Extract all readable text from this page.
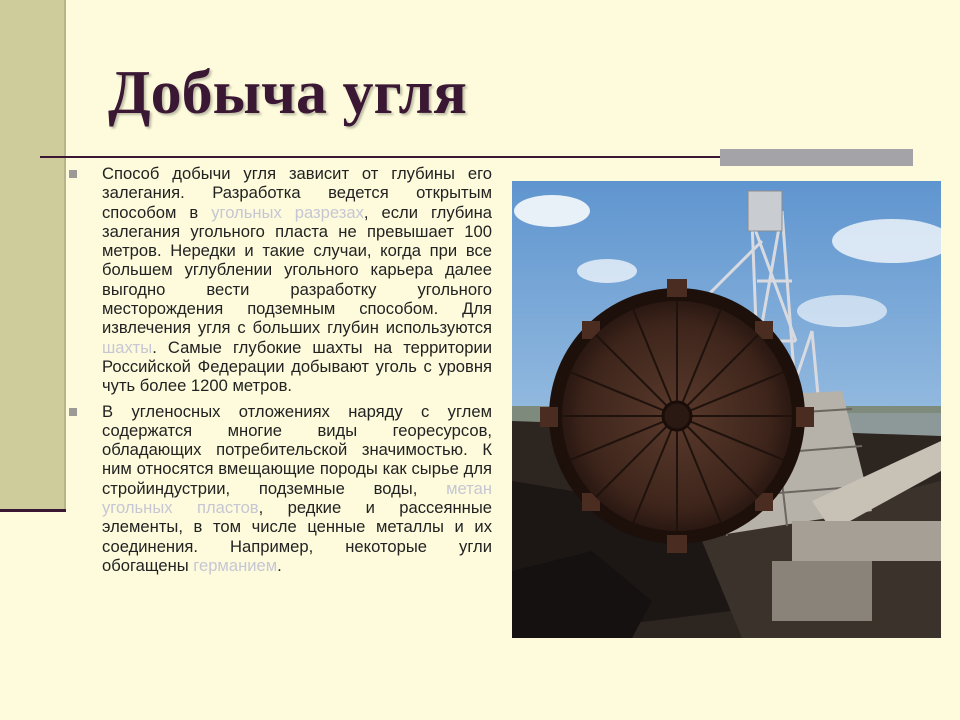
Добыча угля
Способ добычи угля зависит от глубины его залегания. Разработка ведется открытым способом в угольных разрезах, если глубина залегания угольного пласта не превышает 100 метров. Нередки и такие случаи, когда при все большем углублении угольного карьера далее выгодно вести разработку угольного месторождения подземным способом. Для извлечения угля с больших глубин используются шахты. Самые глубокие шахты на территории Российской Федерации добывают уголь с уровня чуть более 1200 метров.
В угленосных отложениях наряду с углем содержатся многие виды георесурсов, обладающих потребительской значимостью. К ним относятся вмещающие породы как сырье для стройиндустрии, подземные воды, метан угольных пластов, редкие и рассеянные элементы, в том числе ценные металлы и их соединения. Например, некоторые угли обогащены германием.
